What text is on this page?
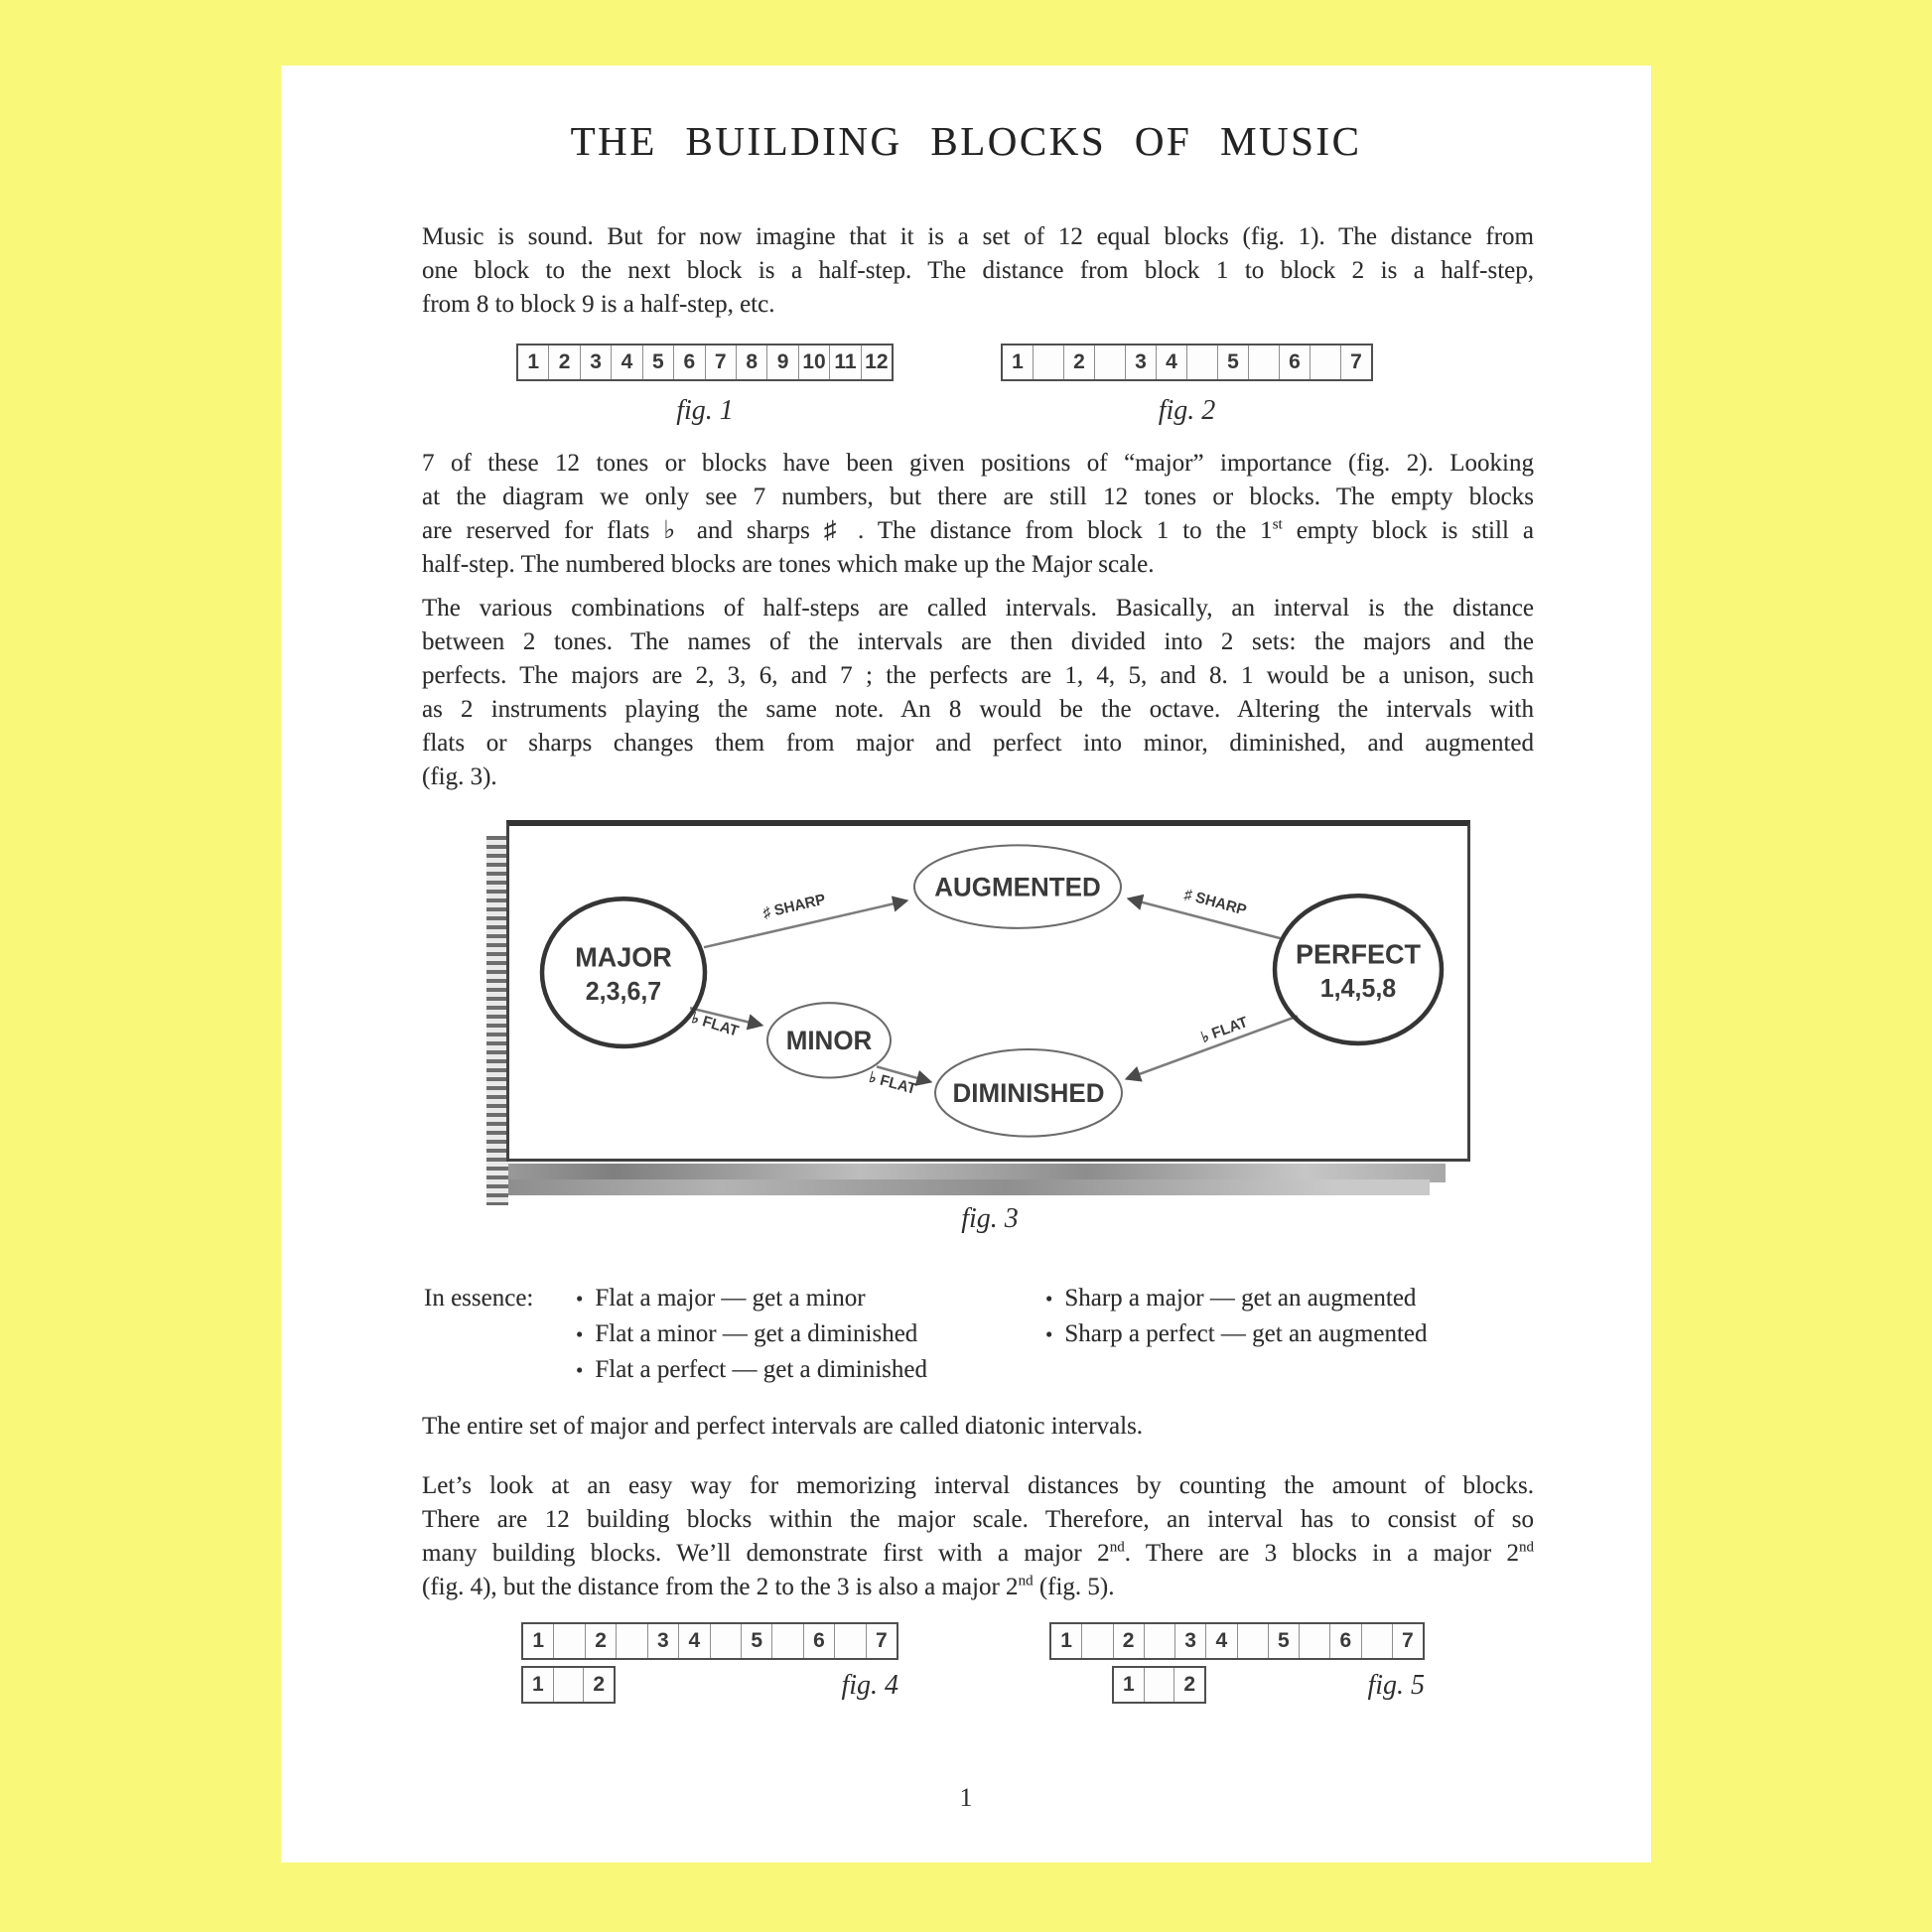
THE BUILDING BLOCKS OF MUSIC
Music is sound. But for now imagine that it is a set of 12 equal blocks (fig. 1). The distance from
one block to the next block is a half-step. The distance from block 1 to block 2 is a half-step,
from 8 to block 9 is a half-step, etc.
1 2 3 4 5 6 7 8 9 10 11 12
fig. 1
1	2	3 4	5	6	7
fig. 2
7 of these 12 tones or blocks have been given positions of “major” importance (fig. 2). Looking
at the diagram we only see 7 numbers, but there are still 12 tones or blocks. The empty blocks
are reserved for flats ♭ and sharps ♯ . The distance from block 1 to the 1st empty block is still a
half-step. The numbered blocks are tones which make up the Major scale.
The various combinations of half-steps are called intervals. Basically, an interval is the distance
between 2 tones. The names of the intervals are then divided into 2 sets: the majors and the
perfects. The majors are 2, 3, 6, and 7 ; the perfects are 1, 4, 5, and 8. 1 would be a unison, such
as 2 instruments playing the same note. An 8 would be the octave. Altering the intervals with
flats or sharps changes them from major and perfect into minor, diminished, and augmented
(fig. 3).
MAJOR
2,3,6,7
PERFECT
1,4,5,8
AUGMENTED
MINOR
DIMINISHED
♯ SHARP	♯ SHARP
♭ FLAT
♭ FLAT
♭ FLAT
fig. 3
In essence: • Flat a major — get a minor
• Flat a minor — get a diminished
• Flat a perfect — get a diminished
• Sharp a major — get an augmented
• Sharp a perfect — get an augmented
The entire set of major and perfect intervals are called diatonic intervals.
Let’s look at an easy way for memorizing interval distances by counting the amount of blocks.
There are 12 building blocks within the major scale. Therefore, an interval has to consist of so
many building blocks. We’ll demonstrate first with a major 2nd. There are 3 blocks in a major 2nd
(fig. 4), but the distance from the 2 to the 3 is also a major 2nd (fig. 5).
1	2	3 4	5	6	7
1	2	fig. 4
1	2	3 4	5	6	7
1	2	fig. 5
1
